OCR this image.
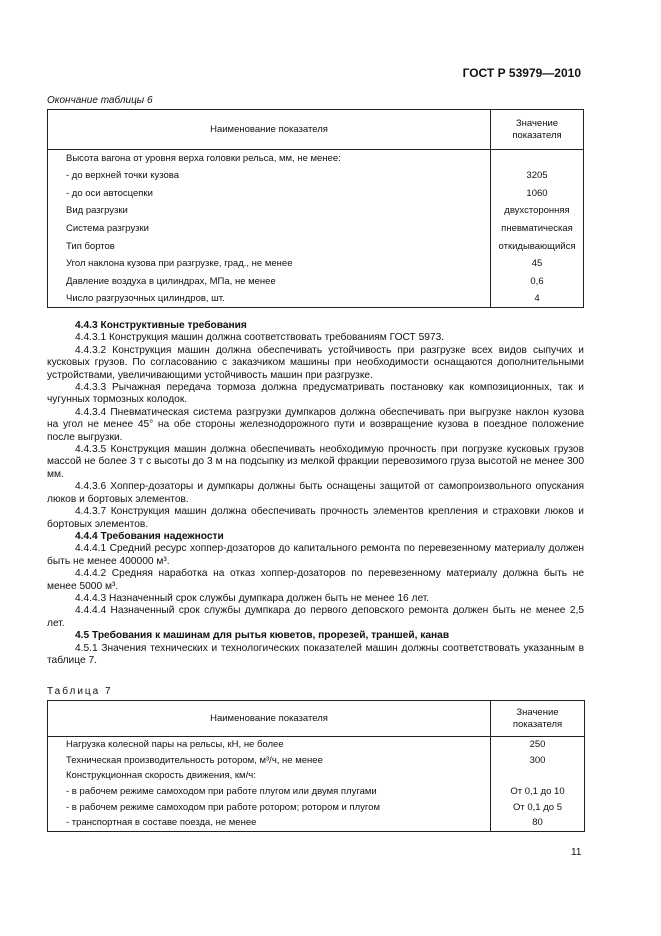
ГОСТ Р 53979—2010
Окончание таблицы 6
Наименование показателя	Значение показателя
Высота вагона от уровня верха головки рельса, мм, не менее:	
- до верхней точки кузова	3205
- до оси автосцепки	1060
Вид разгрузки	двухсторонняя
Система разгрузки	пневматическая
Тип бортов	откидывающийся
Угол наклона кузова при разгрузке, град., не менее	45
Давление воздуха в цилиндрах, МПа, не менее	0,6
Число разгрузочных цилиндров, шт.	4

4.4.3 Конструктивные требования

4.4.3.1 Конструкция машин должна соответствовать требованиям ГОСТ 5973.

4.4.3.2 Конструкция машин должна обеспечивать устойчивость при разгрузке всех видов сыпучих и кусковых грузов. По согласованию с заказчиком машины при необходимости оснащаются дополнительными устройствами, увеличивающими устойчивость машин при разгрузке.

4.4.3.3 Рычажная передача тормоза должна предусматривать постановку как композиционных, так и чугунных тормозных колодок.

4.4.3.4 Пневматическая система разгрузки думпкаров должна обеспечивать при выгрузке наклон кузова на угол не менее 45° на обе стороны железнодорожного пути и возвращение кузова в поездное положение после выгрузки.

4.4.3.5 Конструкция машин должна обеспечивать необходимую прочность при погрузке кусковых грузов массой не более 3 т с высоты до 3 м на подсыпку из мелкой фракции перевозимого груза высотой не менее 300 мм.

4.4.3.6 Хоппер-дозаторы и думпкары должны быть оснащены защитой от самопроизвольного опускания люков и бортовых элементов.

4.4.3.7 Конструкция машин должна обеспечивать прочность элементов крепления и страховки люков и бортовых элементов.

4.4.4 Требования надежности

4.4.4.1 Средний ресурс хоппер-дозаторов до капитального ремонта по перевезенному материалу должен быть не менее 400000 м³.

4.4.4.2 Средняя наработка на отказ хоппер-дозаторов по перевезенному материалу должна быть не менее 5000 м³.

4.4.4.3 Назначенный срок службы думпкара должен быть не менее 16 лет.

4.4.4.4 Назначенный срок службы думпкара до первого деповского ремонта должен быть не менее 2,5 лет.

4.5 Требования к машинам для рытья кюветов, прорезей, траншей, канав

4.5.1 Значения технических и технологических показателей машин должны соответствовать указанным в таблице 7.

Таблица 7
Наименование показателя	Значение показателя
Нагрузка колесной пары на рельсы, кН, не более	250
Техническая производительность ротором, м³/ч, не менее	300
Конструкционная скорость движения, км/ч:	
- в рабочем режиме самоходом при работе плугом или двумя плугами	От 0,1 до 10
- в рабочем режиме самоходом при работе ротором; ротором и плугом	От 0,1 до 5
- транспортная в составе поезда, не менее	80
11
